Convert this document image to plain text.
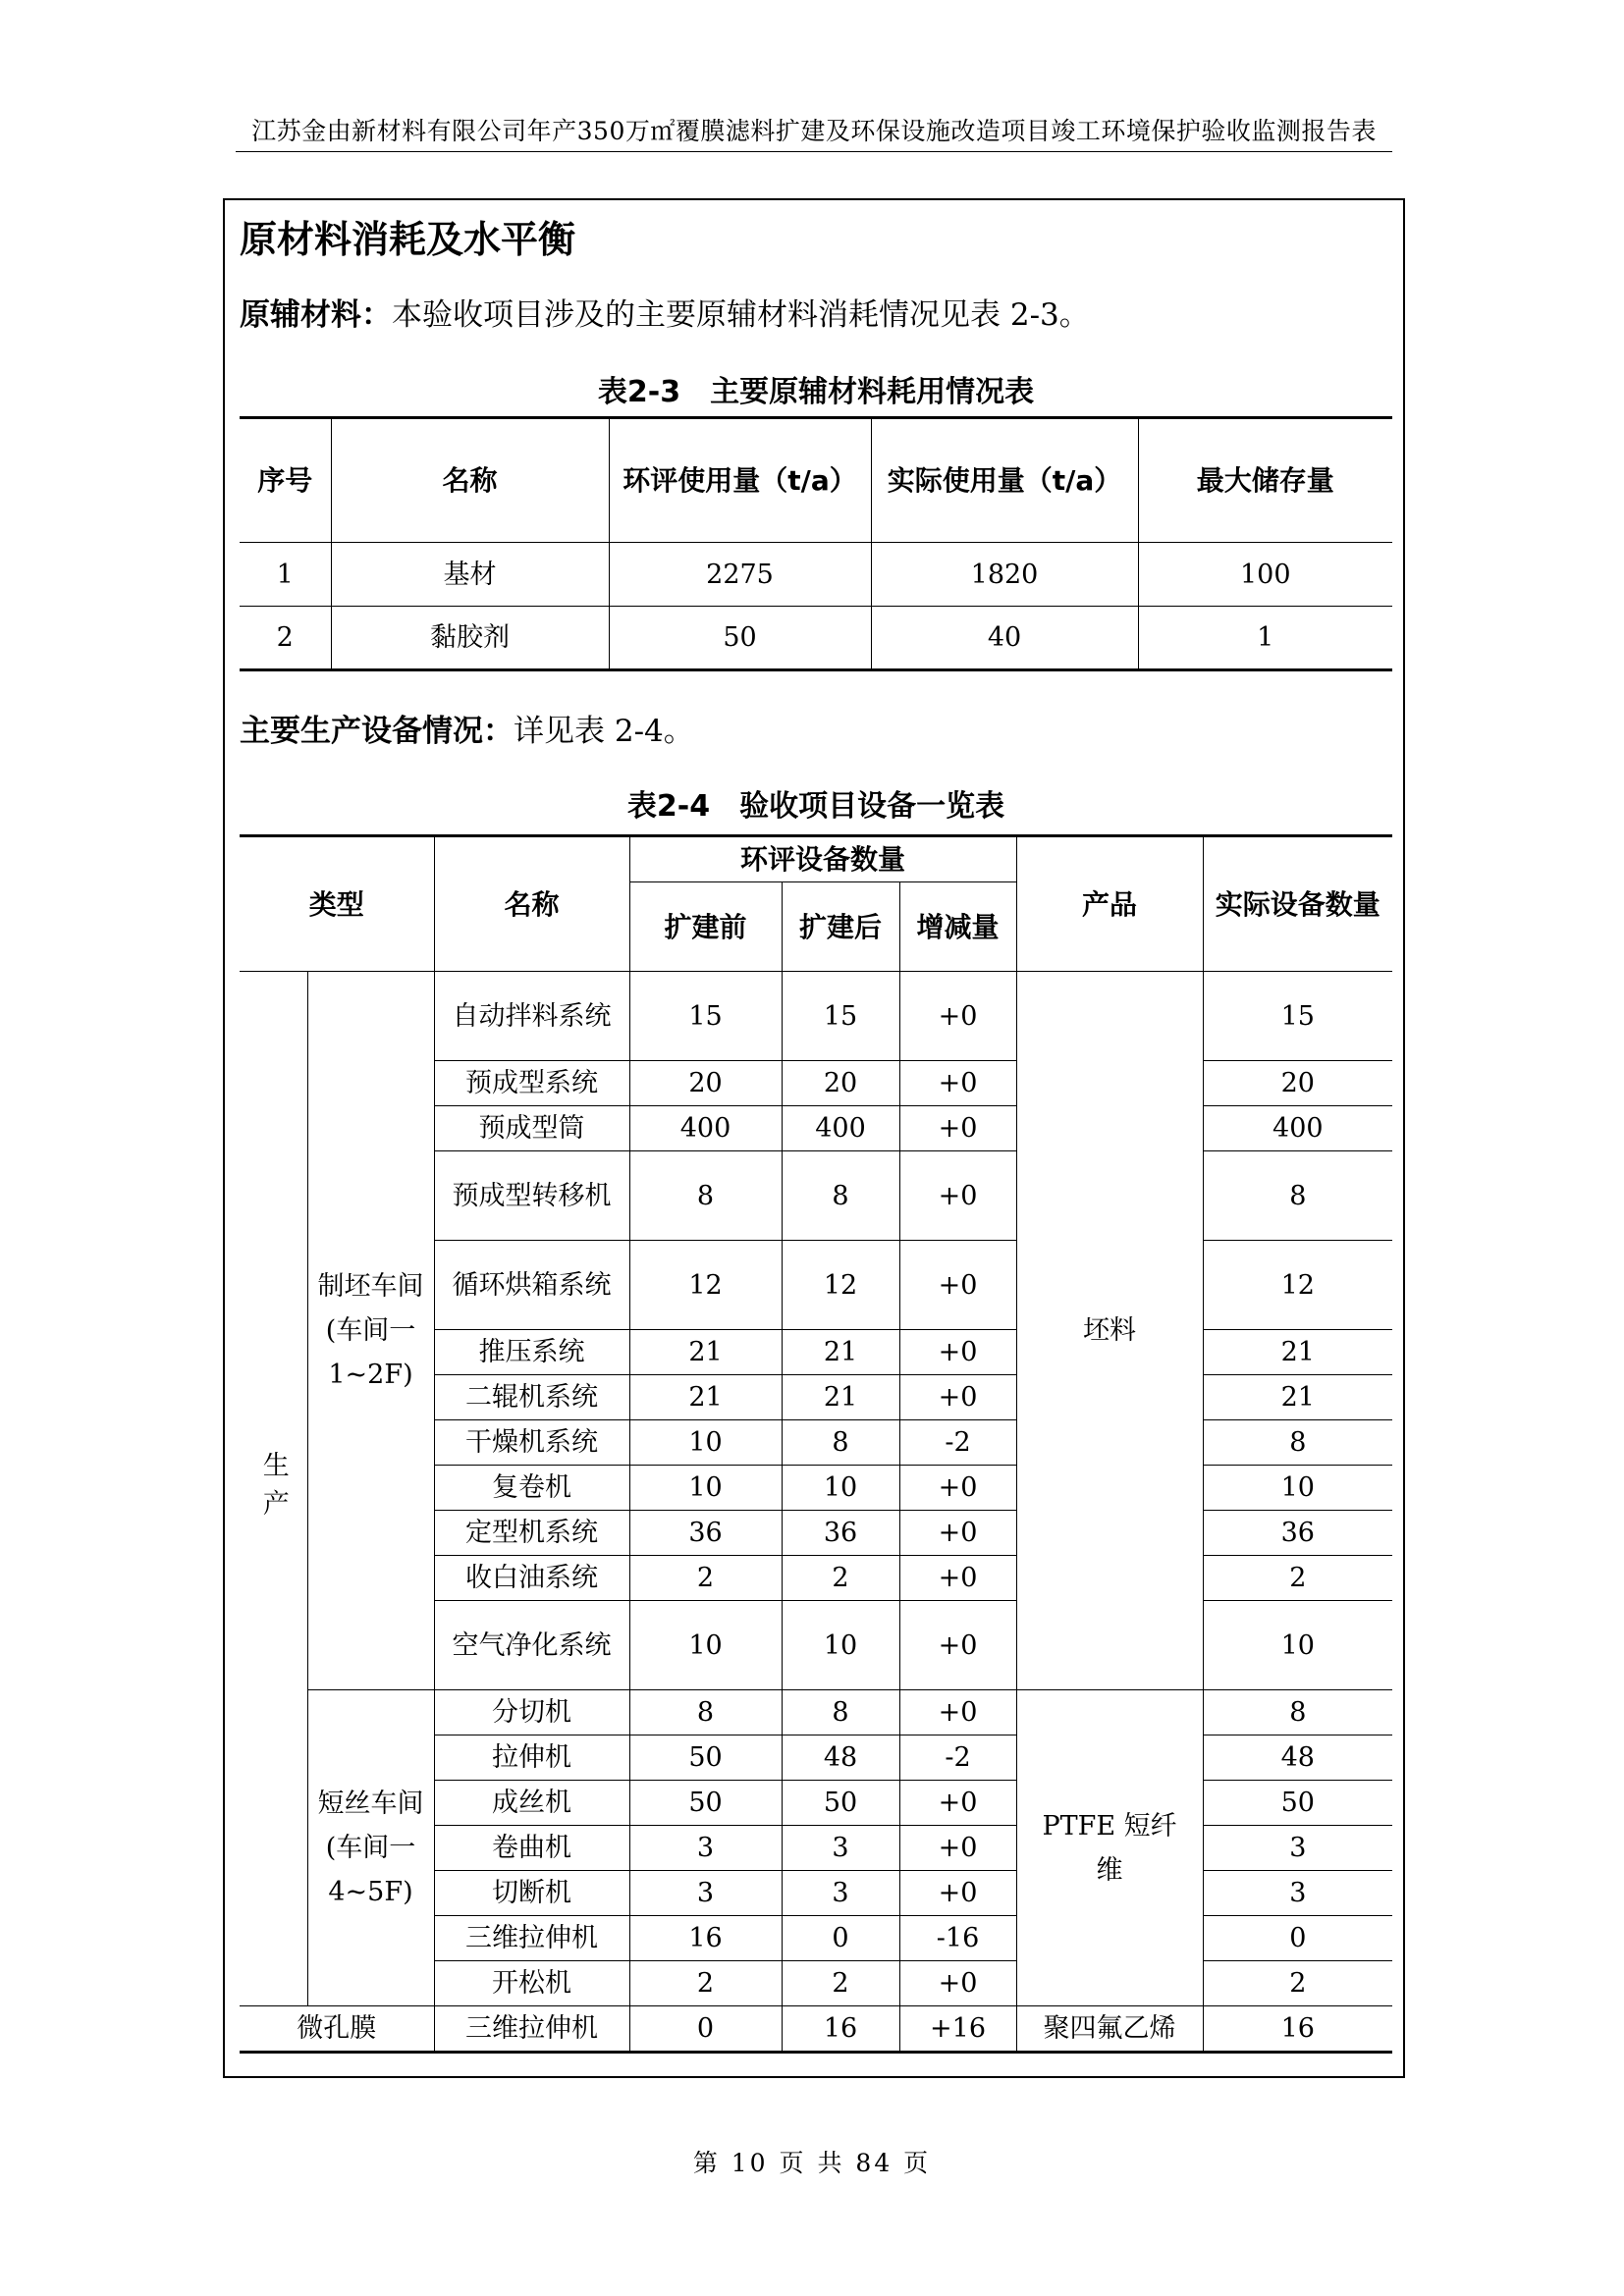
江苏金由新材料有限公司年产350万㎡覆膜滤料扩建及环保设施改造项目竣工环境保护验收监测报告表
原材料消耗及水平衡
原辅材料：本验收项目涉及的主要原辅材料消耗情况见表 2-3。
表2-3 主要原辅材料耗用情况表
序号	名称	环评使用量（t/a）	实际使用量（t/a）	最大储存量
1	基材	2275	1820	100
2	黏胶剂	50	40	1
主要生产设备情况：详见表 2-4。
表2-4 验收项目设备一览表
类型		名称	环评设备数量			产品	实际设备数量
			扩建前	扩建后	增减量		
生产	制坯车间(车间一1~2F)	自动拌料系统	15	15	+0	坯料	15
		预成型系统	20	20	+0		20
		预成型筒	400	400	+0		400
		预成型转移机	8	8	+0		8
		循环烘箱系统	12	12	+0		12
		推压系统	21	21	+0		21
		二辊机系统	21	21	+0		21
		干燥机系统	10	8	-2		8
		复卷机	10	10	+0		10
		定型机系统	36	36	+0		36
		收白油系统	2	2	+0		2
		空气净化系统	10	10	+0		10
	短丝车间(车间一4~5F)	分切机	8	8	+0	PTFE 短纤维	8
		拉伸机	50	48	-2		48
		成丝机	50	50	+0		50
		卷曲机	3	3	+0		3
		切断机	3	3	+0		3
		三维拉伸机	16	0	-16		0
		开松机	2	2	+0		2
微孔膜		三维拉伸机	0	16	+16	聚四氟乙烯	16
第 10 页 共 84 页
